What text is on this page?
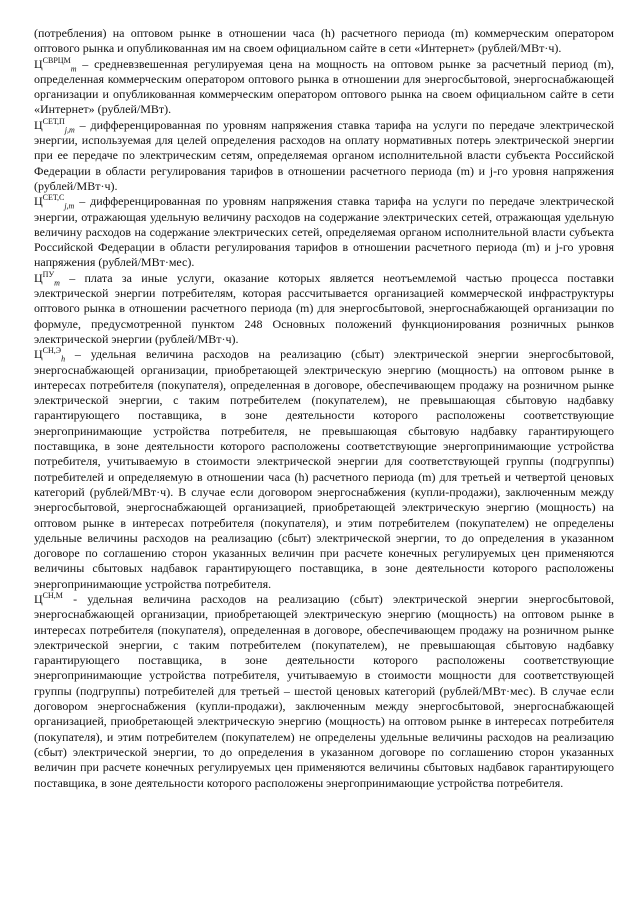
(потребления) на оптовом рынке в отношении часа (h) расчетного периода (m) коммерческим оператором оптового рынка и опубликованная им на своем официальном сайте в сети «Интернет» (рублей/МВт·ч).

$Ц^{СВРЦМ}_m$ – средневзвешенная регулируемая цена на мощность на оптовом рынке за расчетный период (m), определенная коммерческим оператором оптового рынка в отношении для энергосбытовой, энергоснабжающей организации и опубликованная коммерческим оператором оптового рынка на своем официальном сайте в сети «Интернет» (рублей/МВт).

$Ц^{СЕТ,П}_{j,m}$ – дифференцированная по уровням напряжения ставка тарифа на услуги по передаче электрической энергии, используемая для целей определения расходов на оплату нормативных потерь электрической энергии при ее передаче по электрическим сетям, определяемая органом исполнительной власти субъекта Российской Федерации в области регулирования тарифов в отношении расчетного периода (m) и j-го уровня напряжения (рублей/МВт·ч).

$Ц^{СЕТ,С}_{j,m}$ – дифференцированная по уровням напряжения ставка тарифа на услуги по передаче электрической энергии, отражающая удельную величину расходов на содержание электрических сетей, отражающая удельную величину расходов на содержание электрических сетей, определяемая органом исполнительной власти субъекта Российской Федерации в области регулирования тарифов в отношении расчетного периода (m) и j-го уровня напряжения (рублей/МВт·мес).

$Ц^{ПУ}_m$ – плата за иные услуги, оказание которых является неотъемлемой частью процесса поставки электрической энергии потребителям, которая рассчитывается организацией коммерческой инфраструктуры оптового рынка в отношении расчетного периода (m) для энергосбытовой, энергоснабжающей организации по формуле, предусмотренной пунктом 248 Основных положений функционирования розничных рынков электрической энергии (рублей/МВт·ч).

$Ц^{СН,Э}_h$ – удельная величина расходов на реализацию (сбыт) электрической энергии энергосбытовой, энергоснабжающей организации, приобретающей электрическую энергию (мощность) на оптовом рынке в интересах потребителя (покупателя), определенная в договоре, обеспечивающем продажу на розничном рынке электрической энергии, с таким потребителем (покупателем), не превышающая сбытовую надбавку гарантирующего поставщика, в зоне деятельности которого расположены соответствующие энергопринимающие устройства потребителя, не превышающая сбытовую надбавку гарантирующего поставщика, в зоне деятельности которого расположены соответствующие энергопринимающие устройства потребителя, учитываемую в стоимости электрической энергии для соответствующей группы (подгруппы) потребителей и определяемую в отношении часа (h) расчетного периода (m) для третьей и четвертой ценовых категорий (рублей/МВт·ч). В случае если договором энергоснабжения (купли-продажи), заключенным между энергосбытовой, энергоснабжающей организацией, приобретающей электрическую энергию (мощность) на оптовом рынке в интересах потребителя (покупателя), и этим потребителем (покупателем) не определены удельные величины расходов на реализацию (сбыт) электрической энергии, то до определения в указанном договоре по соглашению сторон указанных величин при расчете конечных регулируемых цен применяются величины сбытовых надбавок гарантирующего поставщика, в зоне деятельности которого расположены энергопринимающие устройства потребителя.

$Ц^{СН,М}$ - удельная величина расходов на реализацию (сбыт) электрической энергии энергосбытовой, энергоснабжающей организации, приобретающей электрическую энергию (мощность) на оптовом рынке в интересах потребителя (покупателя), определенная в договоре, обеспечивающем продажу на розничном рынке электрической энергии, с таким потребителем (покупателем), не превышающая сбытовую надбавку гарантирующего поставщика, в зоне деятельности которого расположены соответствующие энергопринимающие устройства потребителя, учитываемую в стоимости мощности для соответствующей группы (подгруппы) потребителей для третьей – шестой ценовых категорий (рублей/МВт·мес). В случае если договором энергоснабжения (купли-продажи), заключенным между энергосбытовой, энергоснабжающей организацией, приобретающей электрическую энергию (мощность) на оптовом рынке в интересах потребителя (покупателя), и этим потребителем (покупателем) не определены удельные величины расходов на реализацию (сбыт) электрической энергии, то до определения в указанном договоре по соглашению сторон указанных величин при расчете конечных регулируемых цен применяются величины сбытовых надбавок гарантирующего поставщика, в зоне деятельности которого расположены энергопринимающие устройства потребителя.
